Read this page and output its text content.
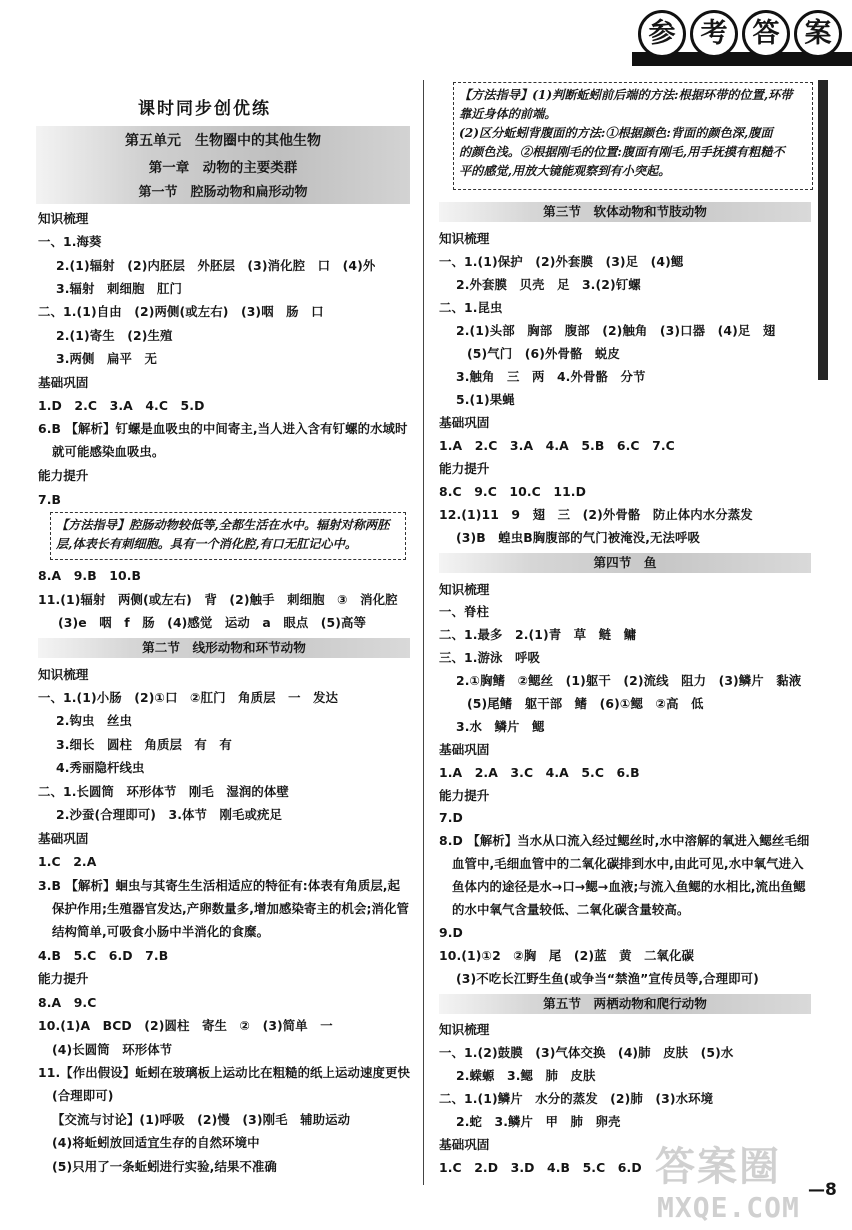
参 考 答 案
课时同步创优练
第五单元　生物圈中的其他生物
第一章　动物的主要类群
第一节　腔肠动物和扁形动物
知识梳理
一、1.海葵
2.(1)辐射　(2)内胚层　外胚层　(3)消化腔　口　(4)外
3.辐射　刺细胞　肛门
二、1.(1)自由　(2)两侧(或左右)　(3)咽　肠　口
2.(1)寄生　(2)生殖
3.两侧　扁平　无
基础巩固
1.D　2.C　3.A　4.C　5.D
6.B 【解析】钉螺是血吸虫的中间寄主,当人进入含有钉螺的水域时
就可能感染血吸虫。
能力提升
7.B
【方法指导】腔肠动物较低等,全都生活在水中。辐射对称两胚
层,体表长有刺细胞。具有一个消化腔,有口无肛记心中。
8.A　9.B　10.B
11.(1)辐射　两侧(或左右)　背　(2)触手　刺细胞　③　消化腔
(3)e　咽　f　肠　(4)感觉　运动　a　眼点　(5)高等
第二节　线形动物和环节动物
知识梳理
一、1.(1)小肠　(2)①口　②肛门　角质层　一　发达
2.钩虫　丝虫
3.细长　圆柱　角质层　有　有
4.秀丽隐杆线虫
二、1.长圆筒　环形体节　刚毛　湿润的体壁
2.沙蚕(合理即可)　3.体节　刚毛或疣足
基础巩固
1.C　2.A
3.B 【解析】蛔虫与其寄生生活相适应的特征有:体表有角质层,起
保护作用;生殖器官发达,产卵数量多,增加感染寄主的机会;消化管
结构简单,可吸食小肠中半消化的食糜。
4.B　5.C　6.D　7.B
能力提升
8.A　9.C
10.(1)A　BCD　(2)圆柱　寄生　②　(3)简单　一
(4)长圆筒　环形体节
11.【作出假设】蚯蚓在玻璃板上运动比在粗糙的纸上运动速度更快
(合理即可)
【交流与讨论】(1)呼吸　(2)慢　(3)刚毛　辅助运动
(4)将蚯蚓放回适宜生存的自然环境中
(5)只用了一条蚯蚓进行实验,结果不准确
【方法指导】(1)判断蚯蚓前后端的方法:根据环带的位置,环带
靠近身体的前端。
(2)区分蚯蚓背腹面的方法:①根据颜色:背面的颜色深,腹面
的颜色浅。②根据刚毛的位置:腹面有刚毛,用手抚摸有粗糙不
平的感觉,用放大镜能观察到有小突起。
第三节　软体动物和节肢动物
知识梳理
一、1.(1)保护　(2)外套膜　(3)足　(4)鳃
2.外套膜　贝壳　足　3.(2)钉螺
二、1.昆虫
2.(1)头部　胸部　腹部　(2)触角　(3)口器　(4)足　翅
(5)气门　(6)外骨骼　蜕皮
3.触角　三　两　4.外骨骼　分节
5.(1)果蝇
基础巩固
1.A　2.C　3.A　4.A　5.B　6.C　7.C
能力提升
8.C　9.C　10.C　11.D
12.(1)11　9　翅　三　(2)外骨骼　防止体内水分蒸发
(3)B　蝗虫B胸腹部的气门被淹没,无法呼吸
第四节　鱼
知识梳理
一、脊柱
二、1.最多　2.(1)青　草　鲢　鳙
三、1.游泳　呼吸
2.①胸鳍　②鳃丝　(1)躯干　(2)流线　阻力　(3)鳞片　黏液
(5)尾鳍　躯干部　鳍　(6)①鳃　②高　低
3.水　鳞片　鳃
基础巩固
1.A　2.A　3.C　4.A　5.C　6.B
能力提升
7.D
8.D 【解析】当水从口流入经过鳃丝时,水中溶解的氧进入鳃丝毛细
血管中,毛细血管中的二氧化碳排到水中,由此可见,水中氧气进入
鱼体内的途径是水→口→鳃→血液;与流入鱼鳃的水相比,流出鱼鳃
的水中氧气含量较低、二氧化碳含量较高。
9.D
10.(1)①2　②胸　尾　(2)蓝　黄　二氧化碳
(3)不吃长江野生鱼(或争当“禁渔”宣传员等,合理即可)
第五节　两栖动物和爬行动物
知识梳理
一、1.(2)鼓膜　(3)气体交换　(4)肺　皮肤　(5)水
2.蝾螈　3.鳃　肺　皮肤
二、1.(1)鳞片　水分的蒸发　(2)肺　(3)水环境
2.蛇　3.鳞片　甲　肺　卵壳
基础巩固
1.C　2.D　3.D　4.B　5.C　6.D 答案圈
MXQE.COM
—8
